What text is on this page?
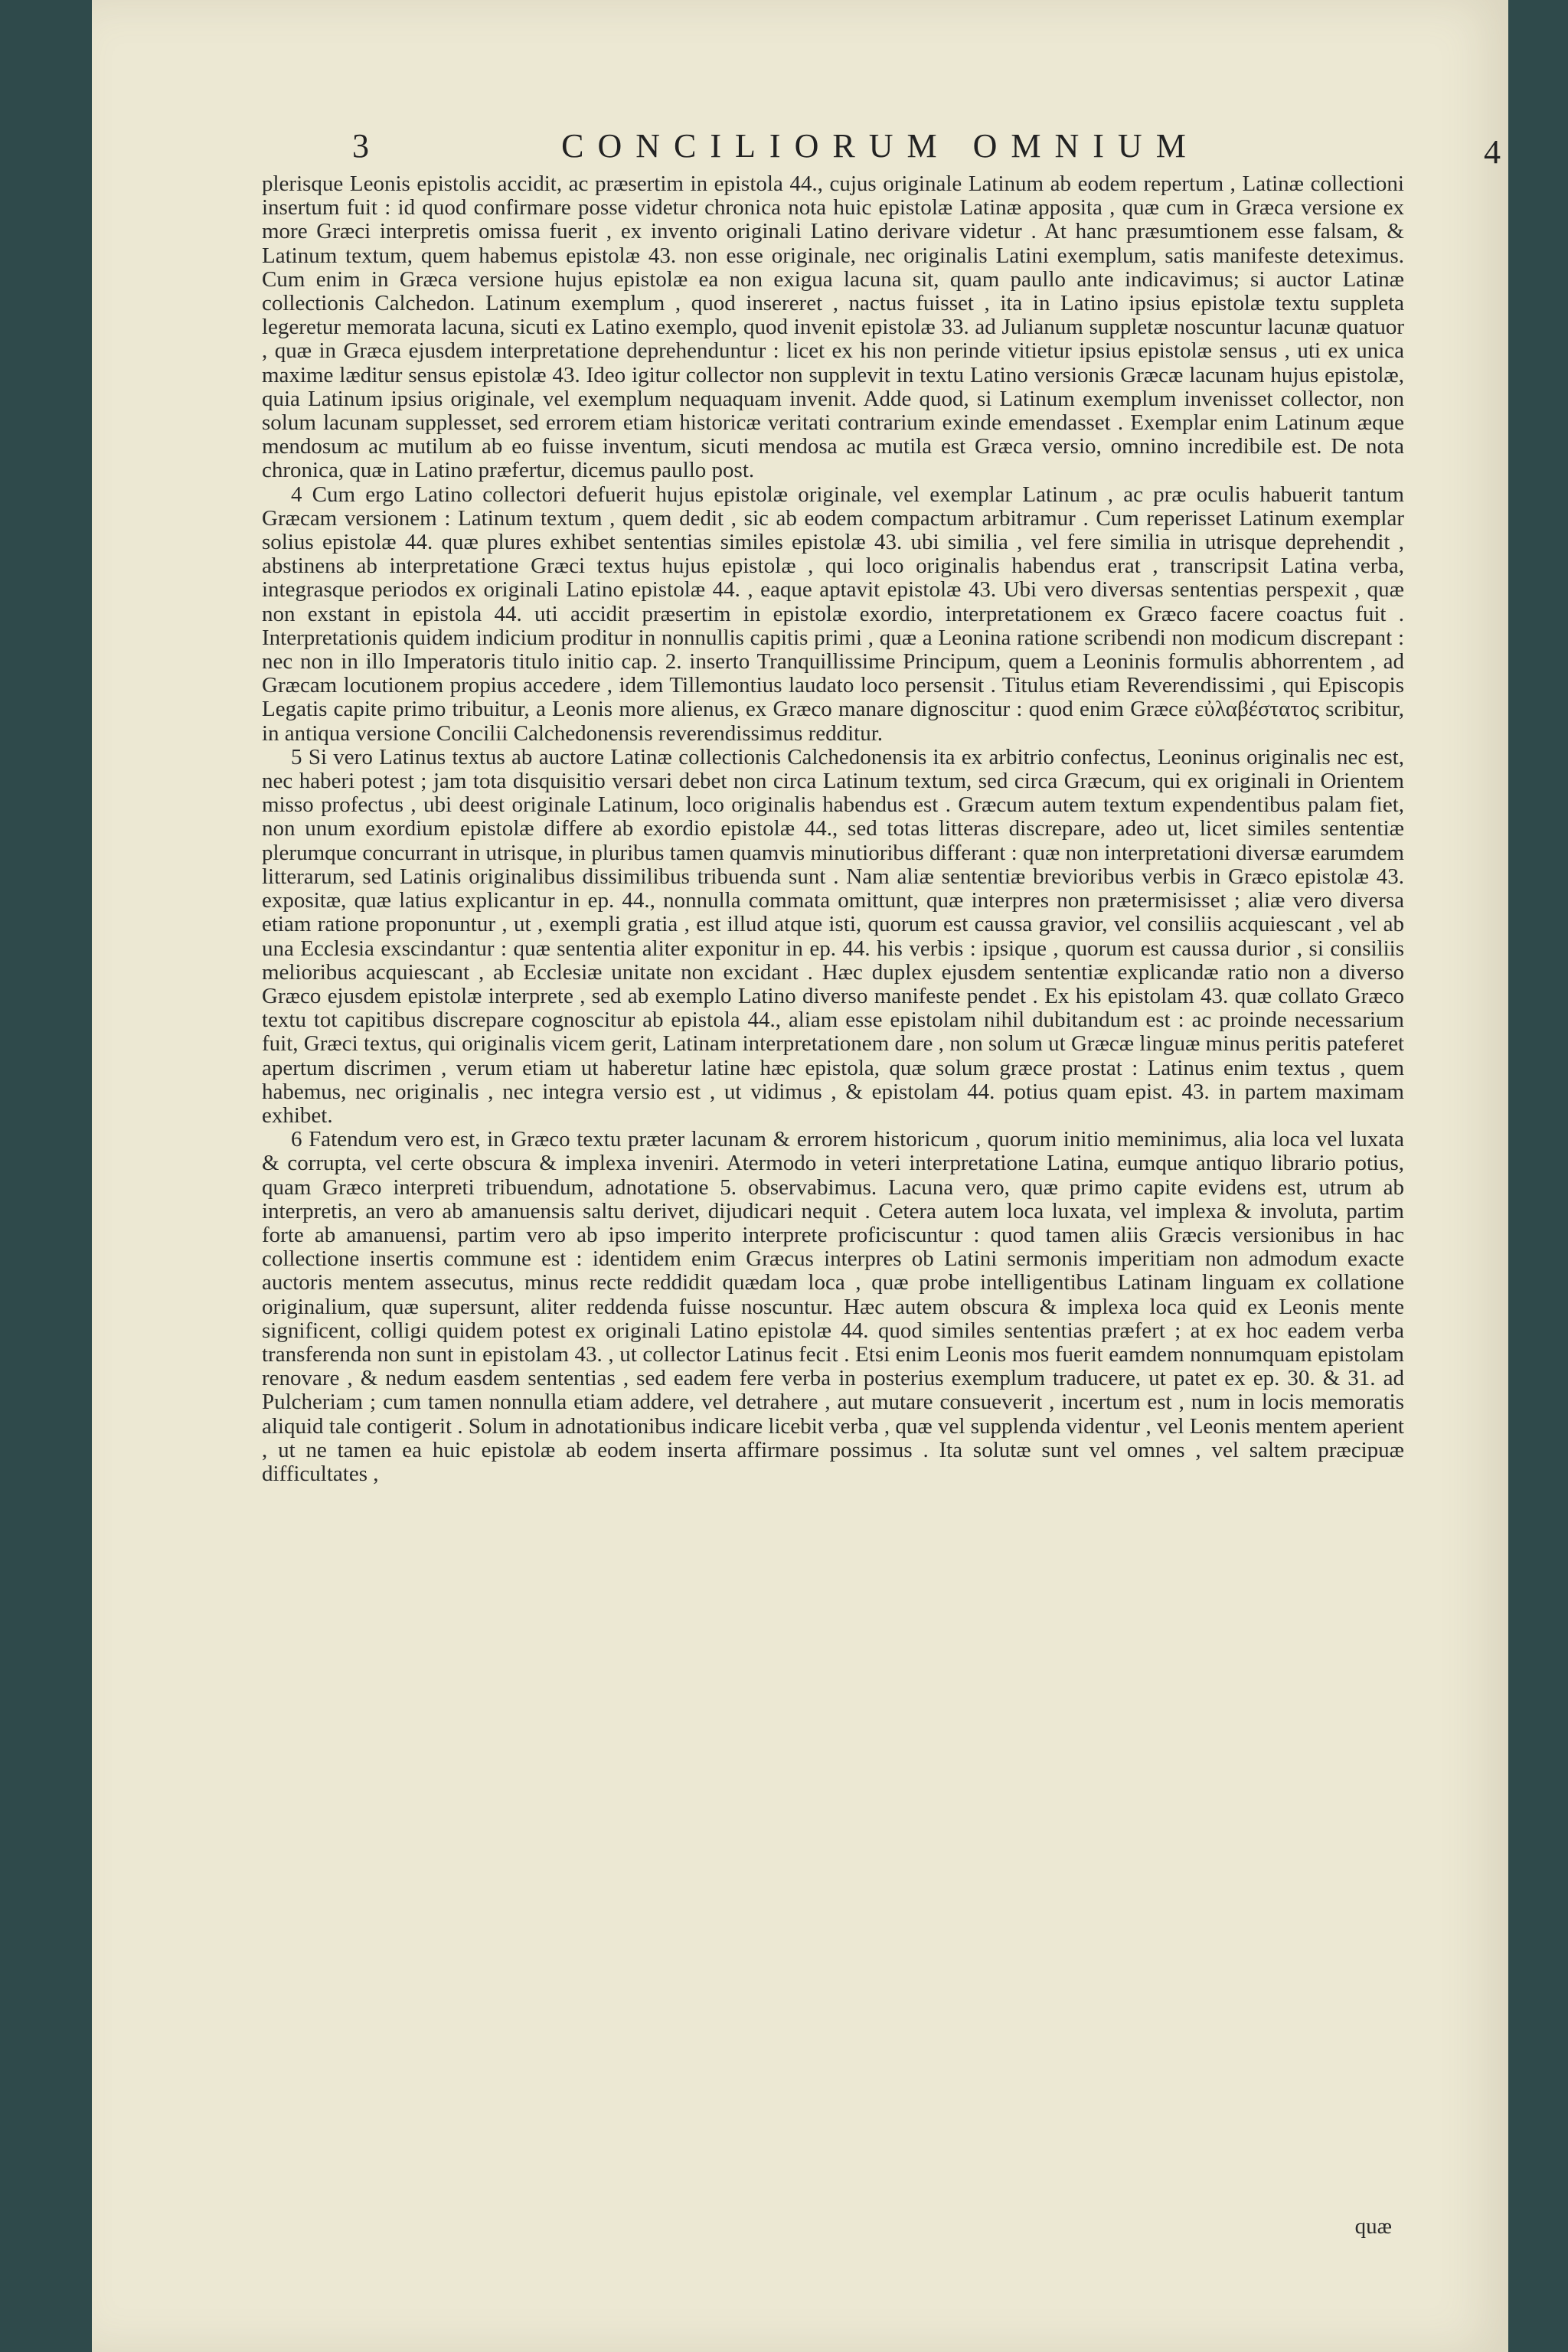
3	CONCILIORUM OMNIUM	4

plerisque Leonis epistolis accidit, ac præsertim in epistola 44., cujus originale Latinum ab eodem repertum , Latinæ collectioni insertum fuit : id quod confirmare posse videtur chronica nota huic epistolæ Latinæ apposita , quæ cum in Græca versione ex more Græci interpretis omissa fuerit , ex invento originali Latino derivare videtur . At hanc præsumtionem esse falsam, & Latinum textum, quem habemus epistolæ 43. non esse originale, nec originalis Latini exemplum, satis manifeste deteximus. Cum enim in Græca versione hujus epistolæ ea non exigua lacuna sit, quam paullo ante indicavimus; si auctor Latinæ collectionis Calchedon. Latinum exemplum , quod insereret , nactus fuisset , ita in Latino ipsius epistolæ textu suppleta legeretur memorata lacuna, sicuti ex Latino exemplo, quod invenit epistolæ 33. ad Julianum suppletæ noscuntur lacunæ quatuor , quæ in Græca ejusdem interpretatione deprehenduntur : licet ex his non perinde vitietur ipsius epistolæ sensus , uti ex unica maxime læditur sensus epistolæ 43. Ideo igitur collector non supplevit in textu Latino versionis Græcæ lacunam hujus epistolæ, quia Latinum ipsius originale, vel exemplum nequaquam invenit. Adde quod, si Latinum exemplum invenisset collector, non solum lacunam supplesset, sed errorem etiam historicæ veritati contrarium exinde emendasset . Exemplar enim Latinum æque mendosum ac mutilum ab eo fuisse inventum, sicuti mendosa ac mutila est Græca versio, omnino incredibile est. De nota chronica, quæ in Latino præfertur, dicemus paullo post.

4 Cum ergo Latino collectori defuerit hujus epistolæ originale, vel exemplar Latinum , ac præ oculis habuerit tantum Græcam versionem : Latinum textum , quem dedit , sic ab eodem compactum arbitramur . Cum reperisset Latinum exemplar solius epistolæ 44. quæ plures exhibet sententias similes epistolæ 43. ubi similia , vel fere similia in utrisque deprehendit , abstinens ab interpretatione Græci textus hujus epistolæ , qui loco originalis habendus erat , transcripsit Latina verba, integrasque periodos ex originali Latino epistolæ 44. , eaque aptavit epistolæ 43. Ubi vero diversas sententias perspexit , quæ non exstant in epistola 44. uti accidit præsertim in epistolæ exordio, interpretationem ex Græco facere coactus fuit . Interpretationis quidem indicium proditur in nonnullis capitis primi , quæ a Leonina ratione scribendi non modicum discrepant : nec non in illo Imperatoris titulo initio cap. 2. inserto Tranquillissime Principum, quem a Leoninis formulis abhorrentem , ad Græcam locutionem propius accedere , idem Tillemontius laudato loco persensit . Titulus etiam Reverendissimi , qui Episcopis Legatis capite primo tribuitur, a Leonis more alienus, ex Græco manare dignoscitur : quod enim Græce εὐλαβέστατος scribitur, in antiqua versione Concilii Calchedonensis reverendissimus redditur.

5 Si vero Latinus textus ab auctore Latinæ collectionis Calchedonensis ita ex arbitrio confectus, Leoninus originalis nec est, nec haberi potest ; jam tota disquisitio versari debet non circa Latinum textum, sed circa Græcum, qui ex originali in Orientem misso profectus , ubi deest originale Latinum, loco originalis habendus est . Græcum autem textum expendentibus palam fiet, non unum exordium epistolæ differe ab exordio epistolæ 44., sed totas litteras discrepare, adeo ut, licet similes sententiæ plerumque concurrant in utrisque, in pluribus tamen quamvis minutioribus differant : quæ non interpretationi diversæ earumdem litterarum, sed Latinis originalibus dissimilibus tribuenda sunt . Nam aliæ sententiæ brevioribus verbis in Græco epistolæ 43. expositæ, quæ latius explicantur in ep. 44., nonnulla commata omittunt, quæ interpres non prætermisisset ; aliæ vero diversa etiam ratione proponuntur , ut , exempli gratia , est illud atque isti, quorum est caussa gravior, vel consiliis acquiescant , vel ab una Ecclesia exscindantur : quæ sententia aliter exponitur in ep. 44. his verbis : ipsique , quorum est caussa durior , si consiliis melioribus acquiescant , ab Ecclesiæ unitate non excidant . Hæc duplex ejusdem sententiæ explicandæ ratio non a diverso Græco ejusdem epistolæ interprete , sed ab exemplo Latino diverso manifeste pendet . Ex his epistolam 43. quæ collato Græco textu tot capitibus discrepare cognoscitur ab epistola 44., aliam esse epistolam nihil dubitandum est : ac proinde necessarium fuit, Græci textus, qui originalis vicem gerit, Latinam interpretationem dare , non solum ut Græcæ linguæ minus peritis pateferet apertum discrimen , verum etiam ut haberetur latine hæc epistola, quæ solum græce prostat : Latinus enim textus , quem habemus, nec originalis , nec integra versio est , ut vidimus , & epistolam 44. potius quam epist. 43. in partem maximam exhibet.

6 Fatendum vero est, in Græco textu præter lacunam & errorem historicum , quorum initio meminimus, alia loca vel luxata & corrupta, vel certe obscura & implexa inveniri. Atermodo in veteri interpretatione Latina, eumque antiquo librario potius, quam Græco interpreti tribuendum, adnotatione 5. observabimus. Lacuna vero, quæ primo capite evidens est, utrum ab interpretis, an vero ab amanuensis saltu derivet, dijudicari nequit . Cetera autem loca luxata, vel implexa & involuta, partim forte ab amanuensi, partim vero ab ipso imperito interprete proficiscuntur : quod tamen aliis Græcis versionibus in hac collectione insertis commune est : identidem enim Græcus interpres ob Latini sermonis imperitiam non admodum exacte auctoris mentem assecutus, minus recte reddidit quædam loca , quæ probe intelligentibus Latinam linguam ex collatione originalium, quæ supersunt, aliter reddenda fuisse noscuntur. Hæc autem obscura & implexa loca quid ex Leonis mente significent, colligi quidem potest ex originali Latino epistolæ 44. quod similes sententias præfert ; at ex hoc eadem verba transferenda non sunt in epistolam 43. , ut collector Latinus fecit . Etsi enim Leonis mos fuerit eamdem nonnumquam epistolam renovare , & nedum easdem sententias , sed eadem fere verba in posterius exemplum traducere, ut patet ex ep. 30. & 31. ad Pulcheriam ; cum tamen nonnulla etiam addere, vel detrahere , aut mutare consueverit , incertum est , num in locis memoratis aliquid tale contigerit . Solum in adnotationibus indicare licebit verba , quæ vel supplenda videntur , vel Leonis mentem aperient , ut ne tamen ea huic epistolæ ab eodem inserta affirmare possimus . Ita solutæ sunt vel omnes , vel saltem præcipuæ difficultates ,

quæ
